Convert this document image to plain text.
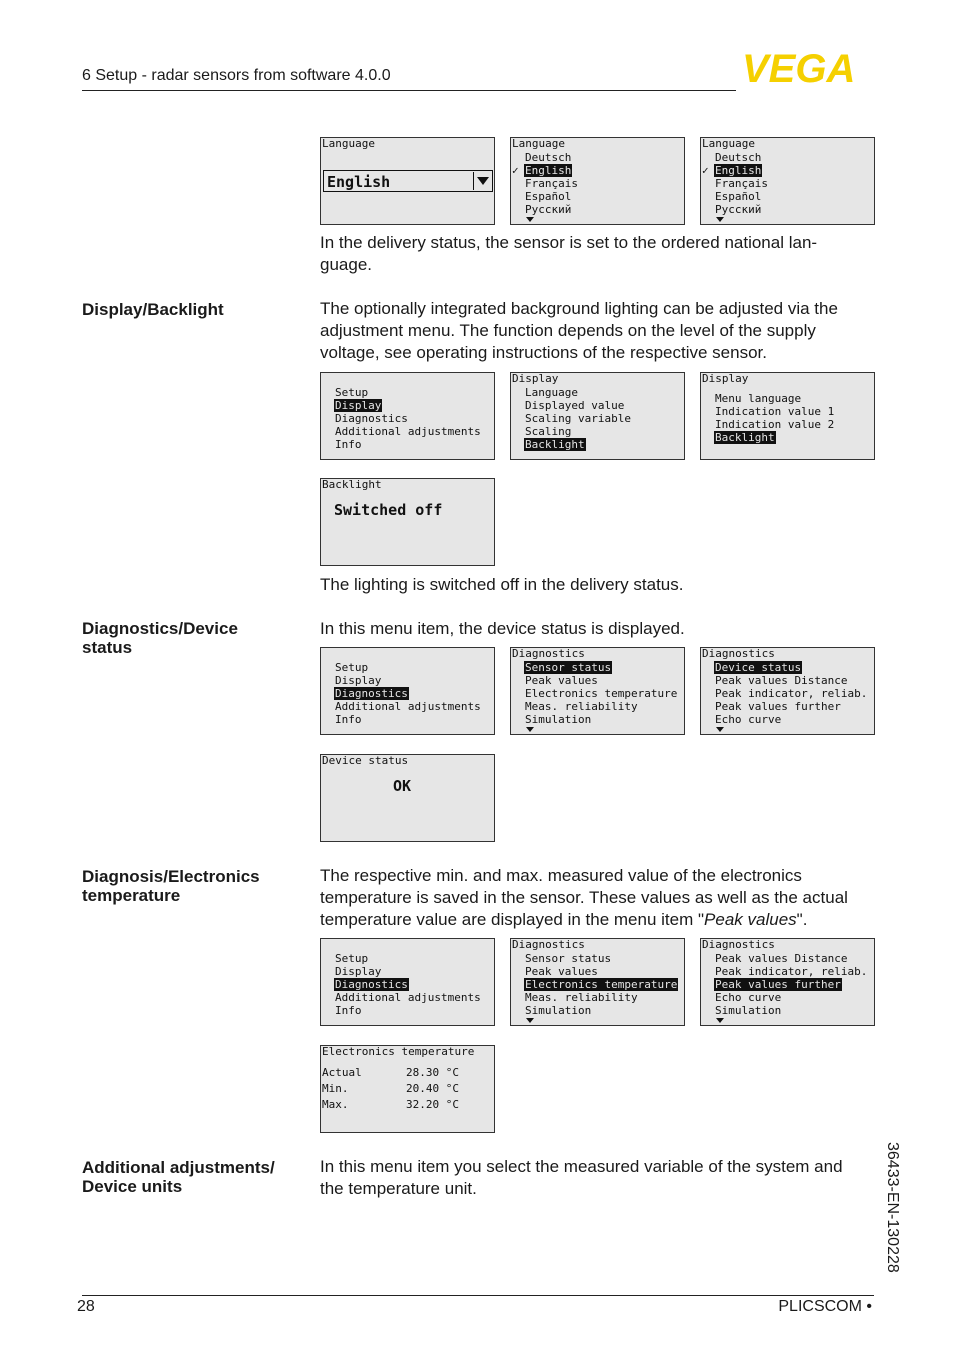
6 Setup - radar sensors from software 4.0.0	VEGA
Language
English
Language
✓
Deutsch
English
Français
Español
Русский
Language
✓
Deutsch
English
Français
Español
Русский
In the delivery status, the sensor is set to the ordered national lan-
guage.
Display/Backlight	The optionally integrated background lighting can be adjusted via the
adjustment menu. The function depends on the level of the supply
voltage, see operating instructions of the respective sensor.
Setup
Display
Diagnostics
Additional adjustments
Info
Display
Language
Displayed value
Scaling variable
Scaling
Backlight
Display
Menu language
Indication value 1
Indication value 2
Backlight
Backlight
Switched off
The lighting is switched off in the delivery status.
Diagnostics/Device
status
In this menu item, the device status is displayed.
Setup
Display
Diagnostics
Additional adjustments
Info
Diagnostics
Sensor status
Peak values
Electronics temperature
Meas. reliability
Simulation
Diagnostics
Device status
Peak values Distance
Peak indicator, reliab.
Peak values further
Echo curve
Device status
OK
Diagnosis/Electronics
temperature
The respective min. and max. measured value of the electronics
temperature is saved in the sensor. These values as well as the actual
temperature value are displayed in the menu item "Peak values".
Setup
Display
Diagnostics
Additional adjustments
Info
Diagnostics
Sensor status
Peak values
Electronics temperature
Meas. reliability
Simulation
Diagnostics
Peak values Distance
Peak indicator, reliab.
Peak values further
Echo curve
Simulation
Electronics temperature
Actual	28.30 °C
Min.	20.40 °C
Max.	32.20 °C
Additional adjustments/
Device units
In this menu item you select the measured variable of the system and
the temperature unit.	36433-EN-130228
28	PLICSCOM •
